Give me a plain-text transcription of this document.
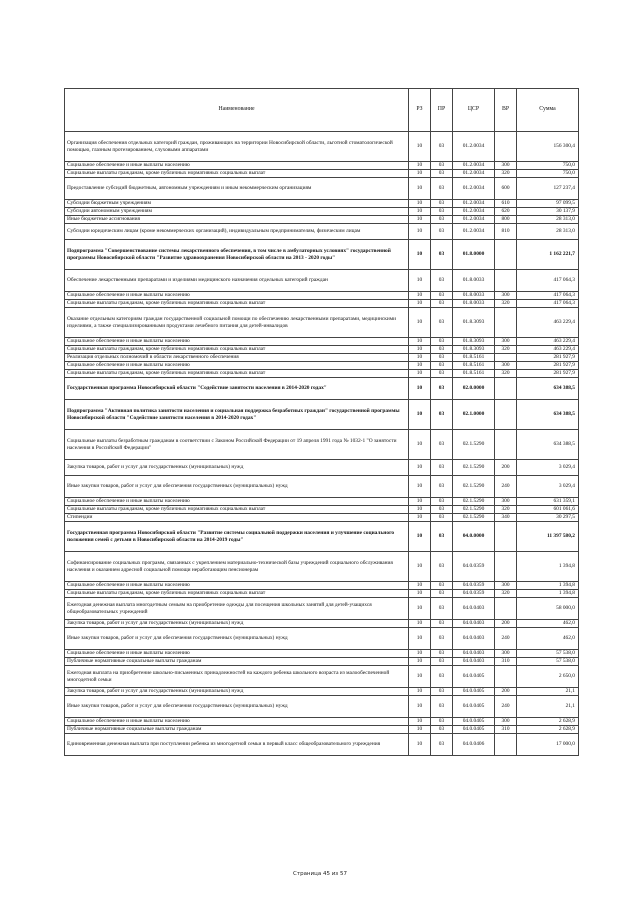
Наименование	РЗ	ПР	ЦСР	ВР	Сумма
Организация обеспечения отдельных категорий граждан, проживающих на территории Новосибирской области, льготной стоматологической помощью, глазным протезированием, слуховыми аппаратами	10	03	01.2.0034		156 300,4
Социальное обеспечение и иные выплаты населению	10	03	01.2.0034	300	750,0
Социальные выплаты гражданам, кроме публичных нормативных социальных выплат	10	03	01.2.0034	320	750,0
Предоставление субсидий бюджетным, автономным учреждениям и иным некоммерческим организациям	10	03	01.2.0034	600	127 237,4
Субсидии бюджетным учреждениям	10	03	01.2.0034	610	97 099,5
Субсидии автономным учреждениям	10	03	01.2.0034	620	30 137,9
Иные бюджетные ассигнования	10	03	01.2.0034	800	28 313,0
Субсидии юридическим лицам (кроме некоммерческих организаций), индивидуальным предпринимателям, физическим лицам	10	03	01.2.0034	810	28 313,0
Подпрограмма "Совершенствование системы лекарственного обеспечения, в том числе в амбулаторных условиях" государственной программы Новосибирской области "Развитие здравоохранения Новосибирской области на 2013 - 2020 годы"	10	03	01.8.0000		1 162 221,7
Обеспечение лекарственными препаратами и изделиями медицинского назначения отдельных категорий граждан	10	03	01.8.0033		417 064,3
Социальное обеспечение и иные выплаты населению	10	03	01.8.0033	300	417 064,3
Социальные выплаты гражданам, кроме публичных нормативных социальных выплат	10	03	01.8.0033	320	417 064,3
Оказание отдельным категориям граждан государственной социальной помощи по обеспечению лекарственными препаратами, медицинскими изделиями, а также специализированными продуктами лечебного питания для детей-инвалидов	10	03	01.8.3093		463 229,4
Социальное обеспечение и иные выплаты населению	10	03	01.8.3093	300	463 229,4
Социальные выплаты гражданам, кроме публичных нормативных социальных выплат	10	03	01.8.3093	320	463 229,4
Реализация отдельных полномочий в области лекарственного обеспечения	10	03	01.8.5161		281 927,9
Социальное обеспечение и иные выплаты населению	10	03	01.8.5161	300	281 927,9
Социальные выплаты гражданам, кроме публичных нормативных социальных выплат	10	03	01.8.5161	320	281 927,9
Государственная программа Новосибирской области "Содействие занятости населения в 2014-2020 годах"	10	03	02.0.0000		634 388,5
Подпрограмма "Активная политика занятости населения и социальная поддержка безработных граждан" государственной программы Новосибирской области "Содействие занятости населения в 2014-2020 годах"	10	03	02.1.0000		634 388,5
Социальные выплаты безработным гражданам в соответствии с Законом Российской Федерации от 19 апреля 1991 года № 1032-1 "О занятости населения в Российской Федерации"	10	03	02.1.5290		634 388,5
Закупка товаров, работ и услуг для государственных (муниципальных) нужд	10	03	02.1.5290	200	3 029,4
Иные закупки товаров, работ и услуг для обеспечения государственных (муниципальных) нужд	10	03	02.1.5290	240	3 029,4
Социальное обеспечение и иные выплаты населению	10	03	02.1.5290	300	631 359,1
Социальные выплаты гражданам, кроме публичных нормативных социальных выплат	10	03	02.1.5290	320	601 061,6
Стипендии	10	03	02.1.5290	340	30 297,5
Государственная программа Новосибирской области "Развитие системы социальной поддержки населения и улучшение социального положения семей с детьми в Новосибирской области на 2014-2019 годы"	10	03	04.0.0000		11 397 580,2
Софинансирование социальных программ, связанных с укреплением материально-технической базы учреждений социального обслуживания населения и оказанием адресной социальной помощи неработающим пенсионерам	10	03	04.0.0359		1 394,8
Социальное обеспечение и иные выплаты населению	10	03	04.0.0359	300	1 394,8
Социальные выплаты гражданам, кроме публичных нормативных социальных выплат	10	03	04.0.0359	320	1 394,8
Ежегодная денежная выплата многодетным семьям на приобретение одежды для посещения школьных занятий для детей-учащихся общеобразовательных учреждений	10	03	04.0.0403		58 000,0
Закупка товаров, работ и услуг для государственных (муниципальных) нужд	10	03	04.0.0403	200	462,0
Иные закупки товаров, работ и услуг для обеспечения государственных (муниципальных) нужд	10	03	04.0.0403	240	462,0
Социальное обеспечение и иные выплаты населению	10	03	04.0.0403	300	57 538,0
Публичные нормативные социальные выплаты гражданам	10	03	04.0.0403	310	57 538,0
Ежегодная выплата на приобретение школьно-письменных принадлежностей на каждого ребенка школьного возраста из малообеспеченной многодетной семьи	10	03	04.0.0405		2 650,0
Закупка товаров, работ и услуг для государственных (муниципальных) нужд	10	03	04.0.0405	200	21,1
Иные закупки товаров, работ и услуг для обеспечения государственных (муниципальных) нужд	10	03	04.0.0405	240	21,1
Социальное обеспечение и иные выплаты населению	10	03	04.0.0405	300	2 628,9
Публичные нормативные социальные выплаты гражданам	10	03	04.0.0405	310	2 628,9
Единовременная денежная выплата при поступлении ребенка из многодетной семьи в первый класс общеобразовательного учреждения	10	03	04.0.0406		17 000,0
Страница 45 из 57
